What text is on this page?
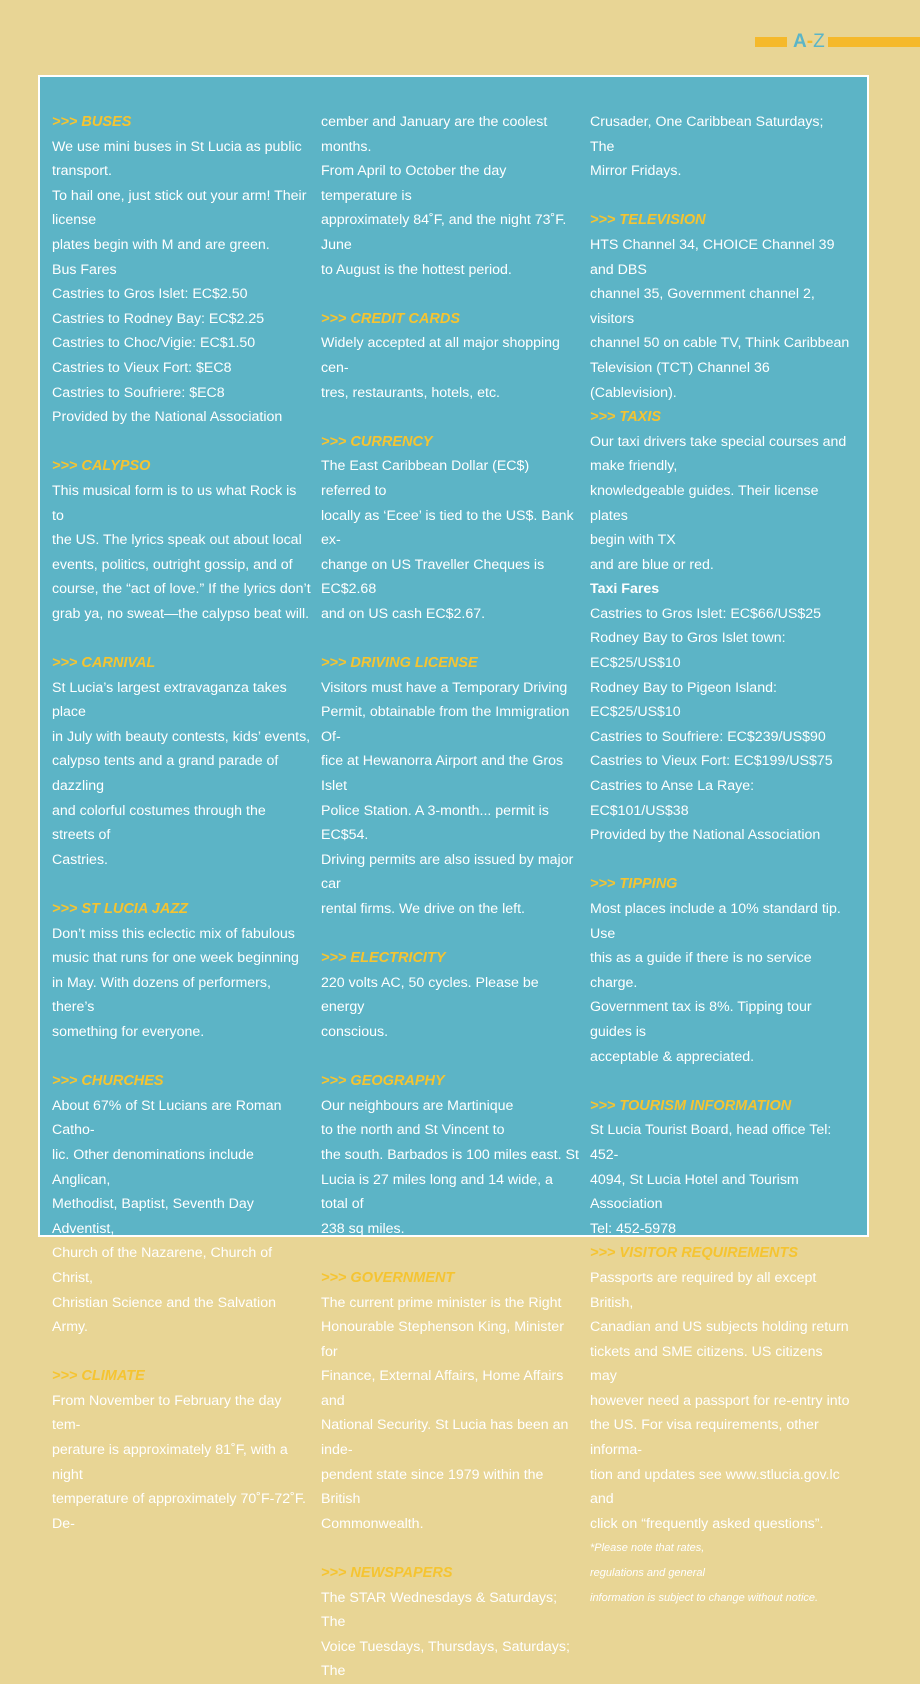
A-Z
>>> BUSES
We use mini buses in St Lucia as public
transport.
To hail one, just stick out your arm! Their
license
plates begin with M and are green.
Bus Fares
Castries to Gros Islet: EC$2.50
Castries to Rodney Bay: EC$2.25
Castries to Choc/Vigie: EC$1.50
Castries to Vieux Fort: $EC8
Castries to Soufriere: $EC8
Provided by the National Association
>>> CALYPSO
This musical form is to us what Rock is to
the US. The lyrics speak out about local
events, politics, outright gossip, and of
course, the “act of love.” If the lyrics don’t
grab ya, no sweat—the calypso beat will.
>>> CARNIVAL
St Lucia’s largest extravaganza takes place
in July with beauty contests, kids’ events,
calypso tents and a grand parade of dazzling
and colorful costumes through the streets of
Castries.
>>> ST LUCIA JAZZ
Don’t miss this eclectic mix of fabulous
music that runs for one week beginning
in May. With dozens of performers, there’s
something for everyone.
>>> CHURCHES
About 67% of St Lucians are Roman Catho-
lic. Other denominations include Anglican,
Methodist, Baptist, Seventh Day Adventist,
Church of the Nazarene, Church of Christ,
Christian Science and the Salvation Army.
>>> CLIMATE
From November to February the day tem-
perature is approximately 81˚F, with a night
temperature of approximately 70˚F-72˚F. De-
cember and January are the coolest months.
From April to October the day temperature is
approximately 84˚F, and the night 73˚F. June
to August is the hottest period.
>>> CREDIT CARDS
Widely accepted at all major shopping cen-
tres, restaurants, hotels, etc.
>>> CURRENCY
The East Caribbean Dollar (EC$) referred to
locally as ‘Ecee’ is tied to the US$. Bank ex-
change on US Traveller Cheques is EC$2.68
and on US cash EC$2.67.
>>> DRIVING LICENSE
Visitors must have a Temporary Driving
Permit, obtainable from the Immigration Of-
fice at Hewanorra Airport and the Gros Islet
Police Station. A 3-month... permit is EC$54.
Driving permits are also issued by major car
rental firms. We drive on the left.
>>> ELECTRICITY
220 volts AC, 50 cycles. Please be energy
conscious.
>>> GEOGRAPHY
Our neighbours are Martinique
to the north and St Vincent to
the south. Barbados is 100 miles east. St
Lucia is 27 miles long and 14 wide, a total of
238 sq miles.
>>> GOVERNMENT
The current prime minister is the Right
Honourable Stephenson King, Minister for
Finance, External Affairs, Home Affairs and
National Security. St Lucia has been an inde-
pendent state since 1979 within the British
Commonwealth.
>>> NEWSPAPERS
The STAR Wednesdays & Saturdays; The
Voice Tuesdays, Thursdays, Saturdays; The
Crusader, One Caribbean Saturdays; The
Mirror Fridays.
>>> TELEVISION
HTS Channel 34, CHOICE Channel 39 and DBS
channel 35, Government channel 2, visitors
channel 50 on cable TV, Think Caribbean
Television (TCT) Channel 36 (Cablevision).
>>> TAXIS
Our taxi drivers take special courses and
make friendly,
knowledgeable guides. Their license plates
begin with TX
and are blue or red.
Taxi Fares
Castries to Gros Islet: EC$66/US$25
Rodney Bay to Gros Islet town: EC$25/US$10
Rodney Bay to Pigeon Island: EC$25/US$10
Castries to Soufriere: EC$239/US$90
Castries to Vieux Fort: EC$199/US$75
Castries to Anse La Raye: EC$101/US$38
Provided by the National Association
>>> TIPPING
Most places include a 10% standard tip. Use
this as a guide if there is no service charge.
Government tax is 8%. Tipping tour guides is
acceptable & appreciated.
>>> TOURISM INFORMATION
St Lucia Tourist Board, head office Tel: 452-
4094, St Lucia Hotel and Tourism Association
Tel: 452-5978
>>> VISITOR REQUIREMENTS
Passports are required by all except British,
Canadian and US subjects holding return
tickets and SME citizens. US citizens may
however need a passport for re-entry into
the US. For visa requirements, other informa-
tion and updates see www.stlucia.gov.lc and
click on “frequently asked questions”.
*Please note that rates,
regulations and general
information is subject to change without notice.
